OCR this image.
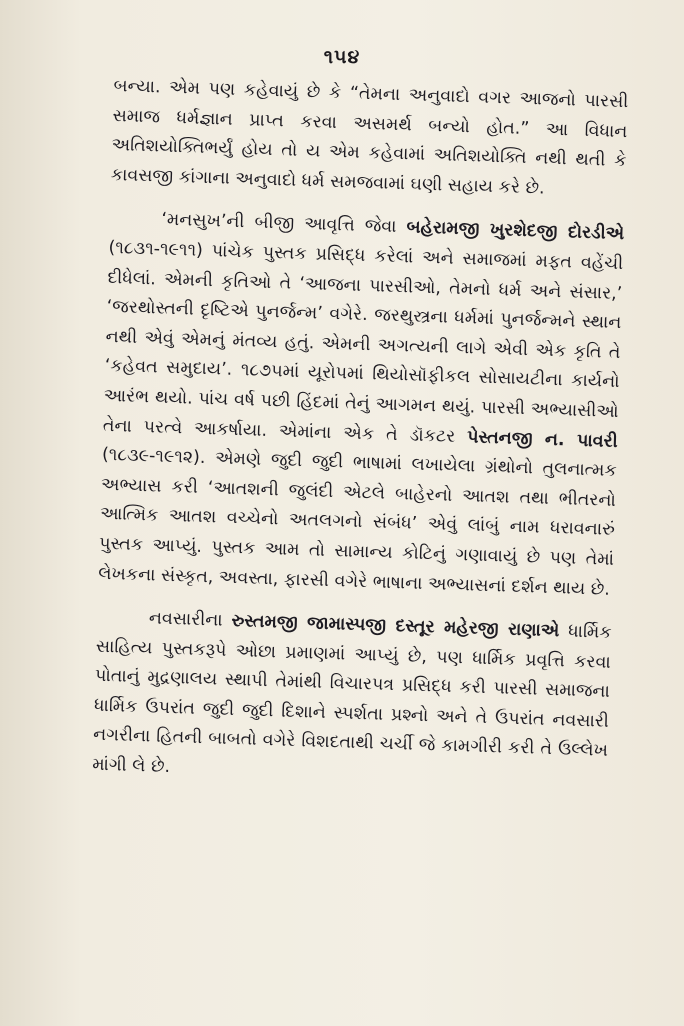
૧૫૪

બન્યા. એમ પણ કહેવાયું છે કે “તેમના અનુવાદો વગર આજનો પારસી સમાજ ધર્મજ્ઞાન પ્રાપ્ત કરવા અસમર્થ બન્યો હોત.” આ વિધાન અતિશયોક્તિભર્યું હોય તો ય એમ કહેવામાં અતિશયોક્તિ નથી થતી કે કાવસજી કાંગાના અનુવાદો ધર્મ સમજવામાં ઘણી સહાય કરે છે.

‘મનસુખ’ની બીજી આવૃત્તિ જેવા બહેરામજી ખુરશેદજી દોરડીએ (૧૮૩૧-૧૯૧૧) પાંચેક પુસ્તક પ્રસિદ્ધ કરેલાં અને સમાજમાં મફત વહેંચી દીધેલાં. એમની કૃતિઓ તે ‘આજના પારસીઓ, તેમનો ધર્મ અને સંસાર,’ ‘જરથોસ્તની દૃષ્ટિએ પુનર્જન્મ’ વગેરે. જરથુસ્ત્રના ધર્મમાં પુનર્જન્મને સ્થાન નથી એવું એમનું મંતવ્ય હતું. એમની અગત્યની લાગે એવી એક કૃતિ તે ‘કહેવત સમુદાય’. ૧૮૭૫માં યૂરોપમાં થિયોસૉફીકલ સોસાયટીના કાર્યનો આરંભ થયો. પાંચ વર્ષ પછી હિંદમાં તેનું આગમન થયું. પારસી અભ્યાસીઓ તેના પરત્વે આકર્ષાયા. એમાંના એક તે ડૉકટર પેસ્તનજી ન. પાવરી (૧૮૩૯-૧૯૧૨). એમણે જુદી જુદી ભાષામાં લખાયેલા ગ્રંથોનો તુલનાત્મક અભ્યાસ કરી ‘આતશની જુલંદી એટલે બાહેરનો આતશ તથા ભીતરનો આત્મિક આતશ વચ્ચેનો અતલગનો સંબંધ’ એવું લાંબું નામ ધરાવનારું પુસ્તક આપ્યું. પુસ્તક આમ તો સામાન્ય કોટિનું ગણાવાયું છે પણ તેમાં લેખકના સંસ્કૃત, અવસ્તા, ફારસી વગેરે ભાષાના અભ્યાસનાં દર્શન થાય છે.

નવસારીના રુસ્તમજી જામાસ્પજી દસ્તૂર મહેરજી રાણાએ ધાર્મિક સાહિત્ય પુસ્તકરૂપે ઓછા પ્રમાણમાં આપ્યું છે, પણ ધાર્મિક પ્રવૃત્તિ કરવા પોતાનું મુદ્રણાલય સ્થાપી તેમાંથી વિચારપત્ર પ્રસિદ્ધ કરી પારસી સમાજના ધાર્મિક ઉપરાંત જુદી જુદી દિશાને સ્પર્શતા પ્રશ્નો અને તે ઉપરાંત નવસારી નગરીના હિતની બાબતો વગેરે વિશદતાથી ચર્ચી જે કામગીરી કરી તે ઉલ્લેખ માંગી લે છે.
